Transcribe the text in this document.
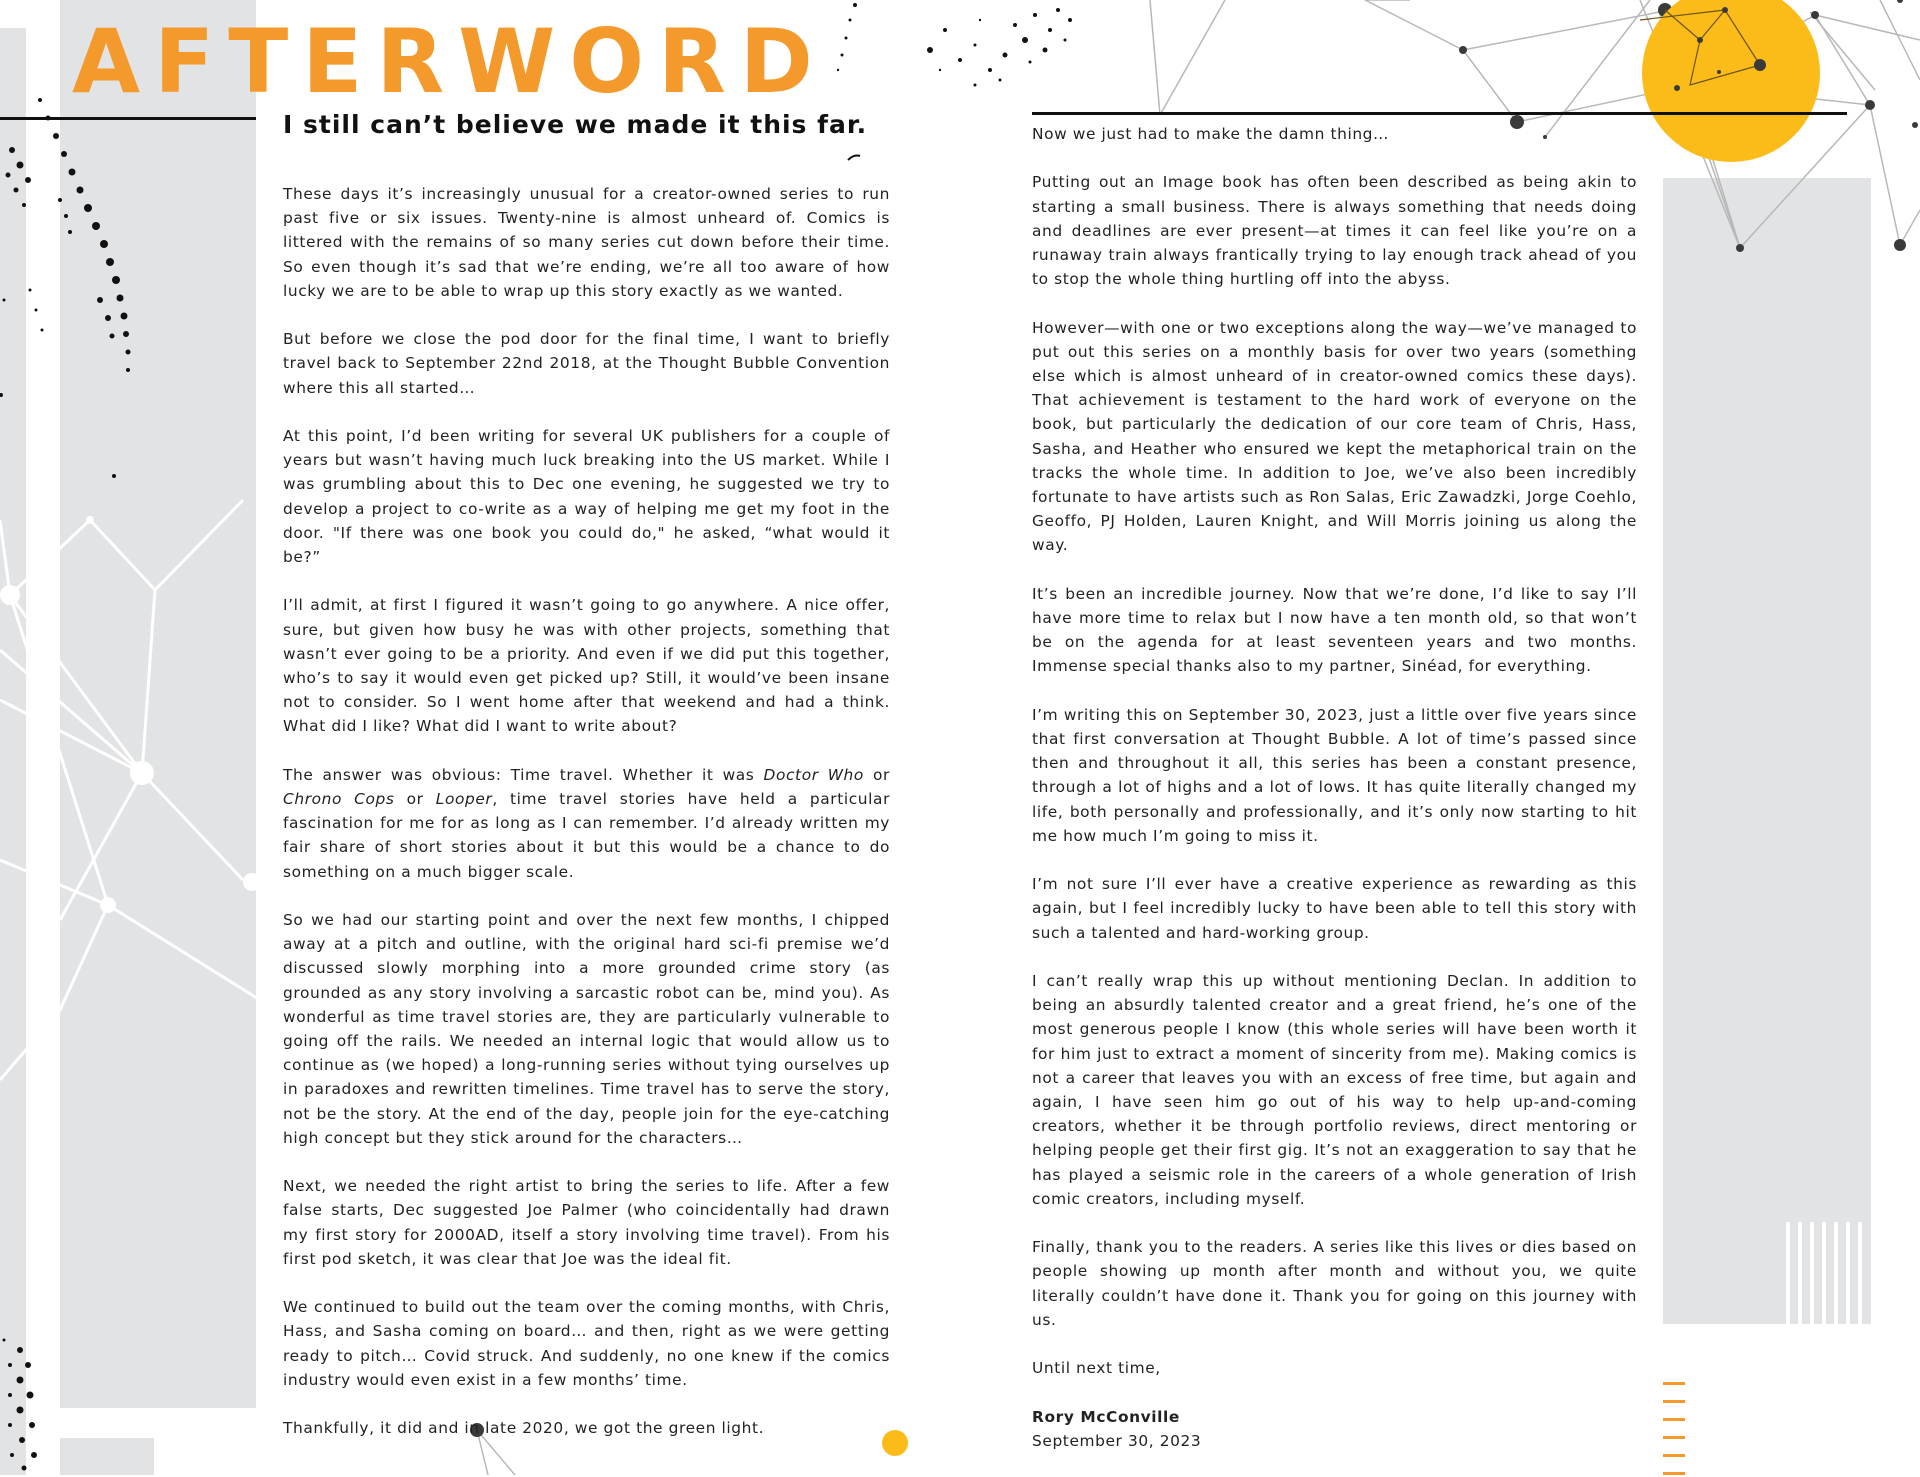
AFTERWORD
I still can’t believe we made it this far.

These days it’s increasingly unusual for a creator-owned series to run past five or six issues. Twenty-nine is almost unheard of. Comics is littered with the remains of so many series cut down before their time. So even though it’s sad that we’re ending, we’re all too aware of how lucky we are to be able to wrap up this story exactly as we wanted.

But before we close the pod door for the final time, I want to briefly travel back to September 22nd 2018, at the Thought Bubble Convention where this all started…

At this point, I’d been writing for several UK publishers for a couple of years but wasn’t having much luck breaking into the US market. While I was grumbling about this to Dec one evening, he suggested we try to develop a project to co-write as a way of helping me get my foot in the door. "If there was one book you could do," he asked, “what would it be?”

I’ll admit, at first I figured it wasn’t going to go anywhere. A nice offer, sure, but given how busy he was with other projects, something that wasn’t ever going to be a priority. And even if we did put this together, who’s to say it would even get picked up? Still, it would’ve been insane not to consider. So I went home after that weekend and had a think. What did I like? What did I want to write about?

The answer was obvious: Time travel. Whether it was Doctor Who or Chrono Cops or Looper, time travel stories have held a particular fascination for me for as long as I can remember. I’d already written my fair share of short stories about it but this would be a chance to do something on a much bigger scale.

So we had our starting point and over the next few months, I chipped away at a pitch and outline, with the original hard sci-fi premise we’d discussed slowly morphing into a more grounded crime story (as grounded as any story involving a sarcastic robot can be, mind you). As wonderful as time travel stories are, they are particularly vulnerable to going off the rails. We needed an internal logic that would allow us to continue as (we hoped) a long-running series without tying ourselves up in paradoxes and rewritten timelines. Time travel has to serve the story, not be the story. At the end of the day, people join for the eye-catching high concept but they stick around for the characters…

Next, we needed the right artist to bring the series to life. After a few false starts, Dec suggested Joe Palmer (who coincidentally had drawn my first story for 2000AD, itself a story involving time travel). From his first pod sketch, it was clear that Joe was the ideal fit.

We continued to build out the team over the coming months, with Chris, Hass, and Sasha coming on board… and then, right as we were getting ready to pitch… Covid struck. And suddenly, no one knew if the comics industry would even exist in a few months’ time.

Thankfully, it did and in late 2020, we got the green light.

Now we just had to make the damn thing…

Putting out an Image book has often been described as being akin to starting a small business. There is always something that needs doing and deadlines are ever present—at times it can feel like you’re on a runaway train always frantically trying to lay enough track ahead of you to stop the whole thing hurtling off into the abyss.

However—with one or two exceptions along the way—we’ve managed to put out this series on a monthly basis for over two years (something else which is almost unheard of in creator-owned comics these days). That achievement is testament to the hard work of everyone on the book, but particularly the dedication of our core team of Chris, Hass, Sasha, and Heather who ensured we kept the metaphorical train on the tracks the whole time. In addition to Joe, we’ve also been incredibly fortunate to have artists such as Ron Salas, Eric Zawadzki, Jorge Coehlo, Geoffo, PJ Holden, Lauren Knight, and Will Morris joining us along the way.

It’s been an incredible journey. Now that we’re done, I’d like to say I’ll have more time to relax but I now have a ten month old, so that won’t be on the agenda for at least seventeen years and two months. Immense special thanks also to my partner, Sinéad, for everything.

I’m writing this on September 30, 2023, just a little over five years since that first conversation at Thought Bubble. A lot of time’s passed since then and throughout it all, this series has been a constant presence, through a lot of highs and a lot of lows. It has quite literally changed my life, both personally and professionally, and it’s only now starting to hit me how much I’m going to miss it.

I’m not sure I’ll ever have a creative experience as rewarding as this again, but I feel incredibly lucky to have been able to tell this story with such a talented and hard-working group.

I can’t really wrap this up without mentioning Declan. In addition to being an absurdly talented creator and a great friend, he’s one of the most generous people I know (this whole series will have been worth it for him just to extract a moment of sincerity from me). Making comics is not a career that leaves you with an excess of free time, but again and again, I have seen him go out of his way to help up-and-coming creators, whether it be through portfolio reviews, direct mentoring or helping people get their first gig. It’s not an exaggeration to say that he has played a seismic role in the careers of a whole generation of Irish comic creators, including myself.

Finally, thank you to the readers. A series like this lives or dies based on people showing up month after month and without you, we quite literally couldn’t have done it. Thank you for going on this journey with us.

Until next time,

Rory McConville
September 30, 2023
